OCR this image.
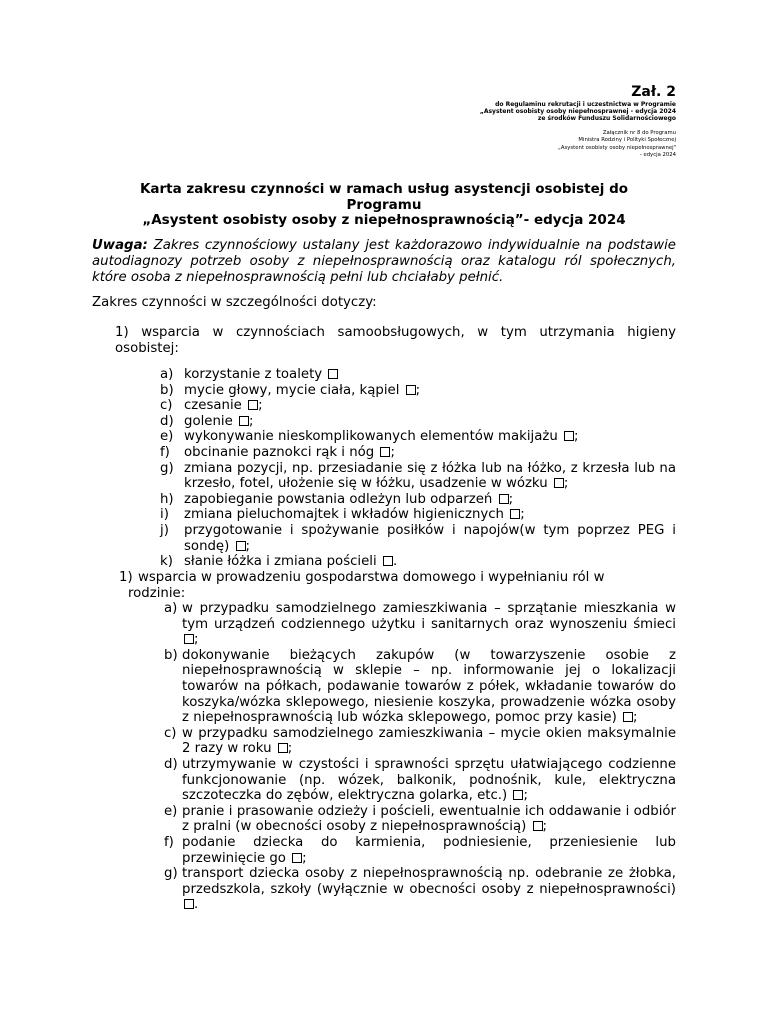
Zał. 2
do Regulaminu rekrutacji i uczestnictwa w Programie
„Asystent osobisty osoby niepełnosprawnej - edycja 2024
ze środków Funduszu Solidarnościowego
Załącznik nr 8 do Programu
Ministra Rodziny i Polityki Społecznej
„Asystent osobisty osoby niepełnosprawnej"
- edycja 2024
Karta zakresu czynności w ramach usług asystencji osobistej do
Programu
„Asystent osobisty osoby z niepełnosprawnością”- edycja 2024
Uwaga: Zakres czynnościowy ustalany jest każdorazowo indywidualnie na podstawie autodiagnozy potrzeb osoby z niepełnosprawnością oraz katalogu ról społecznych, które osoba z niepełnosprawnością pełni lub chciałaby pełnić.
Zakres czynności w szczególności dotyczy:
1) wsparcia w czynnościach samoobsługowych, w tym utrzymania higieny osobistej:
a) korzystanie z toalety
b) mycie głowy, mycie ciała, kąpiel ;
c) czesanie ;
d) golenie ;
e) wykonywanie nieskomplikowanych elementów makijażu ;
f) obcinanie paznokci rąk i nóg ;
g) zmiana pozycji, np. przesiadanie się z łóżka lub na łóżko, z krzesła lub na krzesło, fotel, ułożenie się w łóżku, usadzenie w wózku ;
h) zapobieganie powstania odleżyn lub odparzeń ;
i) zmiana pieluchomajtek i wkładów higienicznych ;
j) przygotowanie i spożywanie posiłków i napojów(w tym poprzez PEG i sondę) ;
k) słanie łóżka i zmiana pościeli .
1) wsparcia w prowadzeniu gospodarstwa domowego i wypełnianiu ról w
rodzinie:
a) w przypadku samodzielnego zamieszkiwania – sprzątanie mieszkania w tym urządzeń codziennego użytku i sanitarnych oraz wynoszeniu śmieci ;
b) dokonywanie bieżących zakupów (w towarzyszenie osobie z niepełnosprawnością w sklepie – np. informowanie jej o lokalizacji towarów na półkach, podawanie towarów z półek, wkładanie towarów do koszyka/wózka sklepowego, niesienie koszyka, prowadzenie wózka osoby z niepełnosprawnością lub wózka sklepowego, pomoc przy kasie) ;
c) w przypadku samodzielnego zamieszkiwania – mycie okien maksymalnie 2 razy w roku ;
d) utrzymywanie w czystości i sprawności sprzętu ułatwiającego codzienne funkcjonowanie (np. wózek, balkonik, podnośnik, kule, elektryczna szczoteczka do zębów, elektryczna golarka, etc.) ;
e) pranie i prasowanie odzieży i pościeli, ewentualnie ich oddawanie i odbiór z pralni (w obecności osoby z niepełnosprawnością) ;
f) podanie dziecka do karmienia, podniesienie, przeniesienie lub przewinięcie go ;
g) transport dziecka osoby z niepełnosprawnością np. odebranie ze żłobka, przedszkola, szkoły (wyłącznie w obecności osoby z niepełnosprawności) .
